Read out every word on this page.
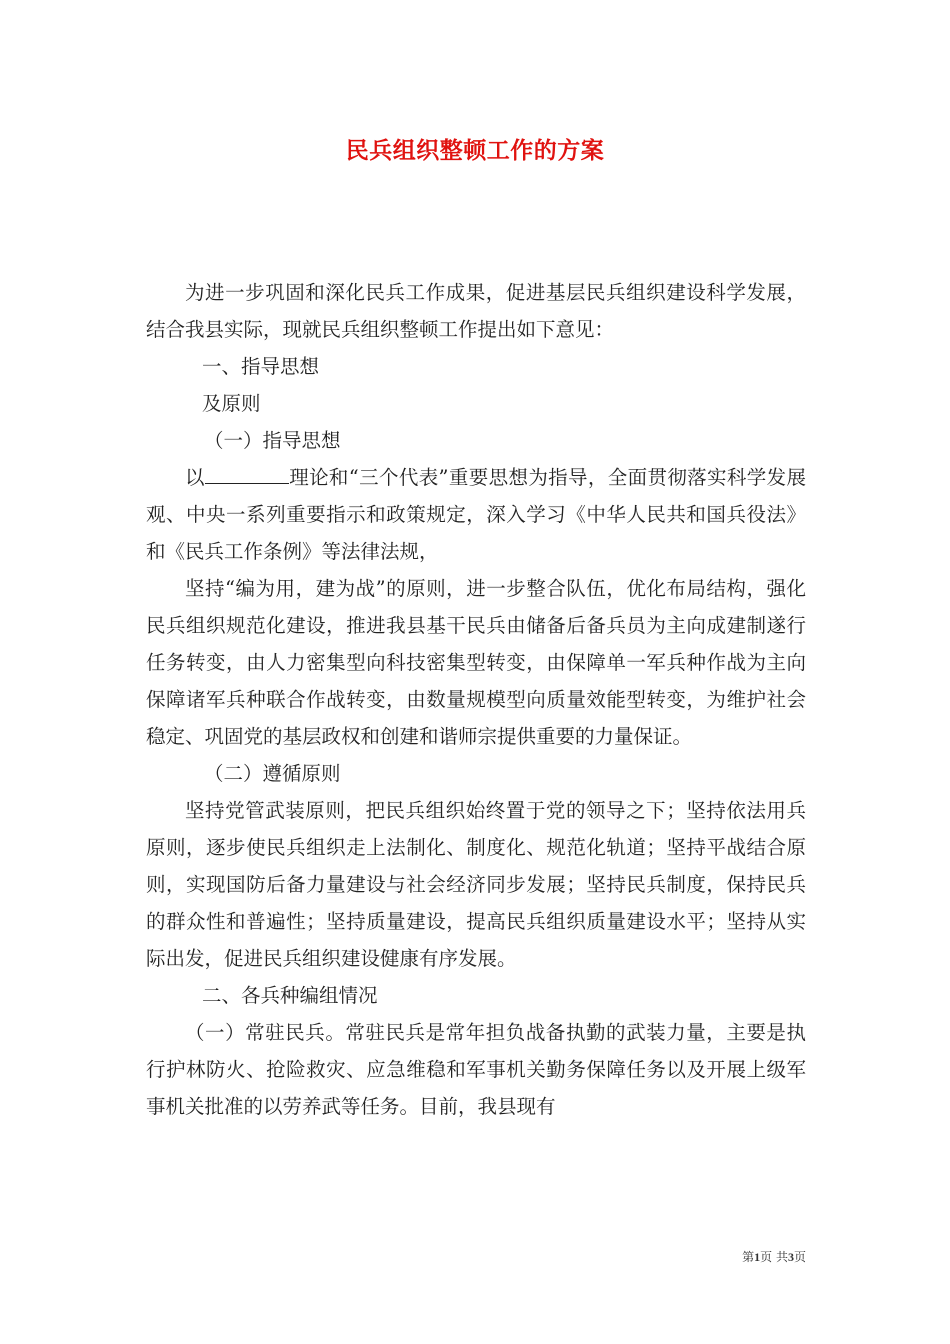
民兵组织整顿工作的方案

为进一步巩固和深化民兵工作成果，促进基层民兵组织建设科学发展，结合我县实际，现就民兵组织整顿工作提出如下意见：

一、指导思想

及原则

（一）指导思想

以	理论和“三个代表”重要思想为指导，全面贯彻落实科学发展观、中央一系列重要指示和政策规定，深入学习《中华人民共和国兵役法》和《民兵工作条例》等法律法规，

坚持“编为用，建为战”的原则，进一步整合队伍，优化布局结构，强化民兵组织规范化建设，推进我县基干民兵由储备后备兵员为主向成建制遂行任务转变，由人力密集型向科技密集型转变，由保障单一军兵种作战为主向保障诸军兵种联合作战转变，由数量规模型向质量效能型转变，为维护社会稳定、巩固党的基层政权和创建和谐师宗提供重要的力量保证。

（二）遵循原则

坚持党管武装原则，把民兵组织始终置于党的领导之下；坚持依法用兵原则，逐步使民兵组织走上法制化、制度化、规范化轨道；坚持平战结合原则，实现国防后备力量建设与社会经济同步发展；坚持民兵制度，保持民兵的群众性和普遍性；坚持质量建设，提高民兵组织质量建设水平；坚持从实际出发，促进民兵组织建设健康有序发展。

二、各兵种编组情况

（一）常驻民兵。常驻民兵是常年担负战备执勤的武装力量，主要是执行护林防火、抢险救灾、应急维稳和军事机关勤务保障任务以及开展上级军事机关批准的以劳养武等任务。目前，我县现有

第1页 共3页
